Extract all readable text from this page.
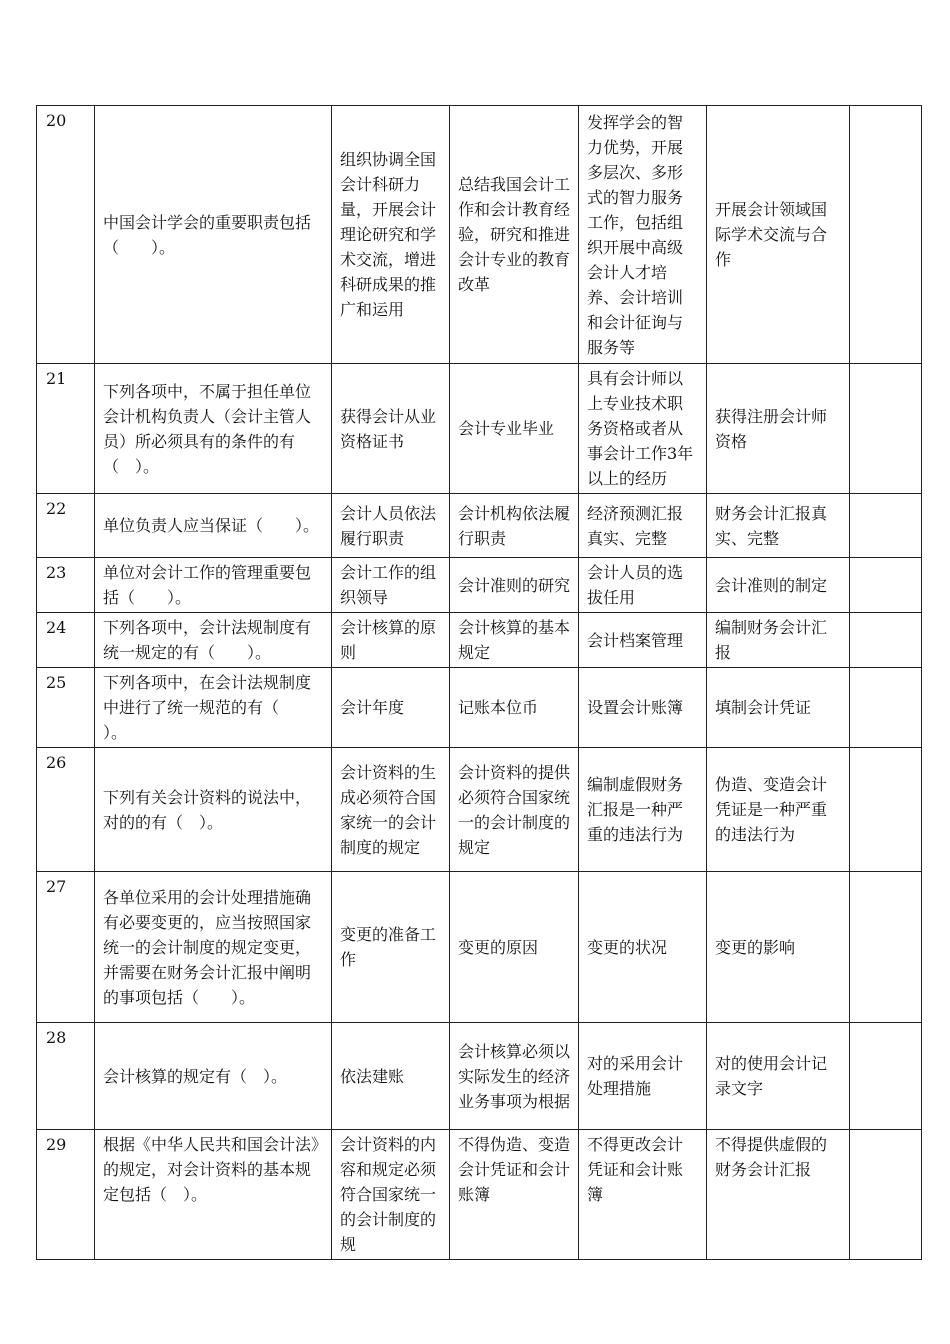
20	中国会计学会的重要职责包括（　　）。	组织协调全国会计科研力量，开展会计理论研究和学术交流，增进科研成果的推广和运用	总结我国会计工作和会计教育经验，研究和推进会计专业的教育改革	发挥学会的智力优势，开展多层次、多形式的智力服务工作，包括组织开展中高级会计人才培养、会计培训和会计征询与服务等	开展会计领域国际学术交流与合作	
21	下列各项中，不属于担任单位会计机构负责人（会计主管人员）所必须具有的条件的有（　）。	获得会计从业资格证书	会计专业毕业	具有会计师以上专业技术职务资格或者从事会计工作3年以上的经历	获得注册会计师资格	
22	单位负责人应当保证（　　）。	会计人员依法履行职责	会计机构依法履行职责	经济预测汇报真实、完整	财务会计汇报真实、完整	
23	单位对会计工作的管理重要包括（　　）。	会计工作的组织领导	会计准则的研究	会计人员的选拔任用	会计准则的制定	
24	下列各项中，会计法规制度有统一规定的有（　　）。	会计核算的原则	会计核算的基本规定	会计档案管理	编制财务会计汇报	
25	下列各项中，在会计法规制度中进行了统一规范的有（　　）。	会计年度	记账本位币	设置会计账簿	填制会计凭证	
26	下列有关会计资料的说法中，对的的有（　）。	会计资料的生成必须符合国家统一的会计制度的规定	会计资料的提供必须符合国家统一的会计制度的规定	编制虚假财务汇报是一种严重的违法行为	伪造、变造会计凭证是一种严重的违法行为	
27	各单位采用的会计处理措施确有必要变更的，应当按照国家统一的会计制度的规定变更，并需要在财务会计汇报中阐明的事项包括（　　）。	变更的准备工作	变更的原因	变更的状况	变更的影响	
28	会计核算的规定有（　）。	依法建账	会计核算必须以实际发生的经济业务事项为根据	对的采用会计处理措施	对的使用会计记录文字	
29	根据《中华人民共和国会计法》的规定，对会计资料的基本规定包括（　）。	会计资料的内容和规定必须符合国家统一的会计制度的规	不得伪造、变造会计凭证和会计账簿	不得更改会计凭证和会计账簿	不得提供虚假的财务会计汇报	
